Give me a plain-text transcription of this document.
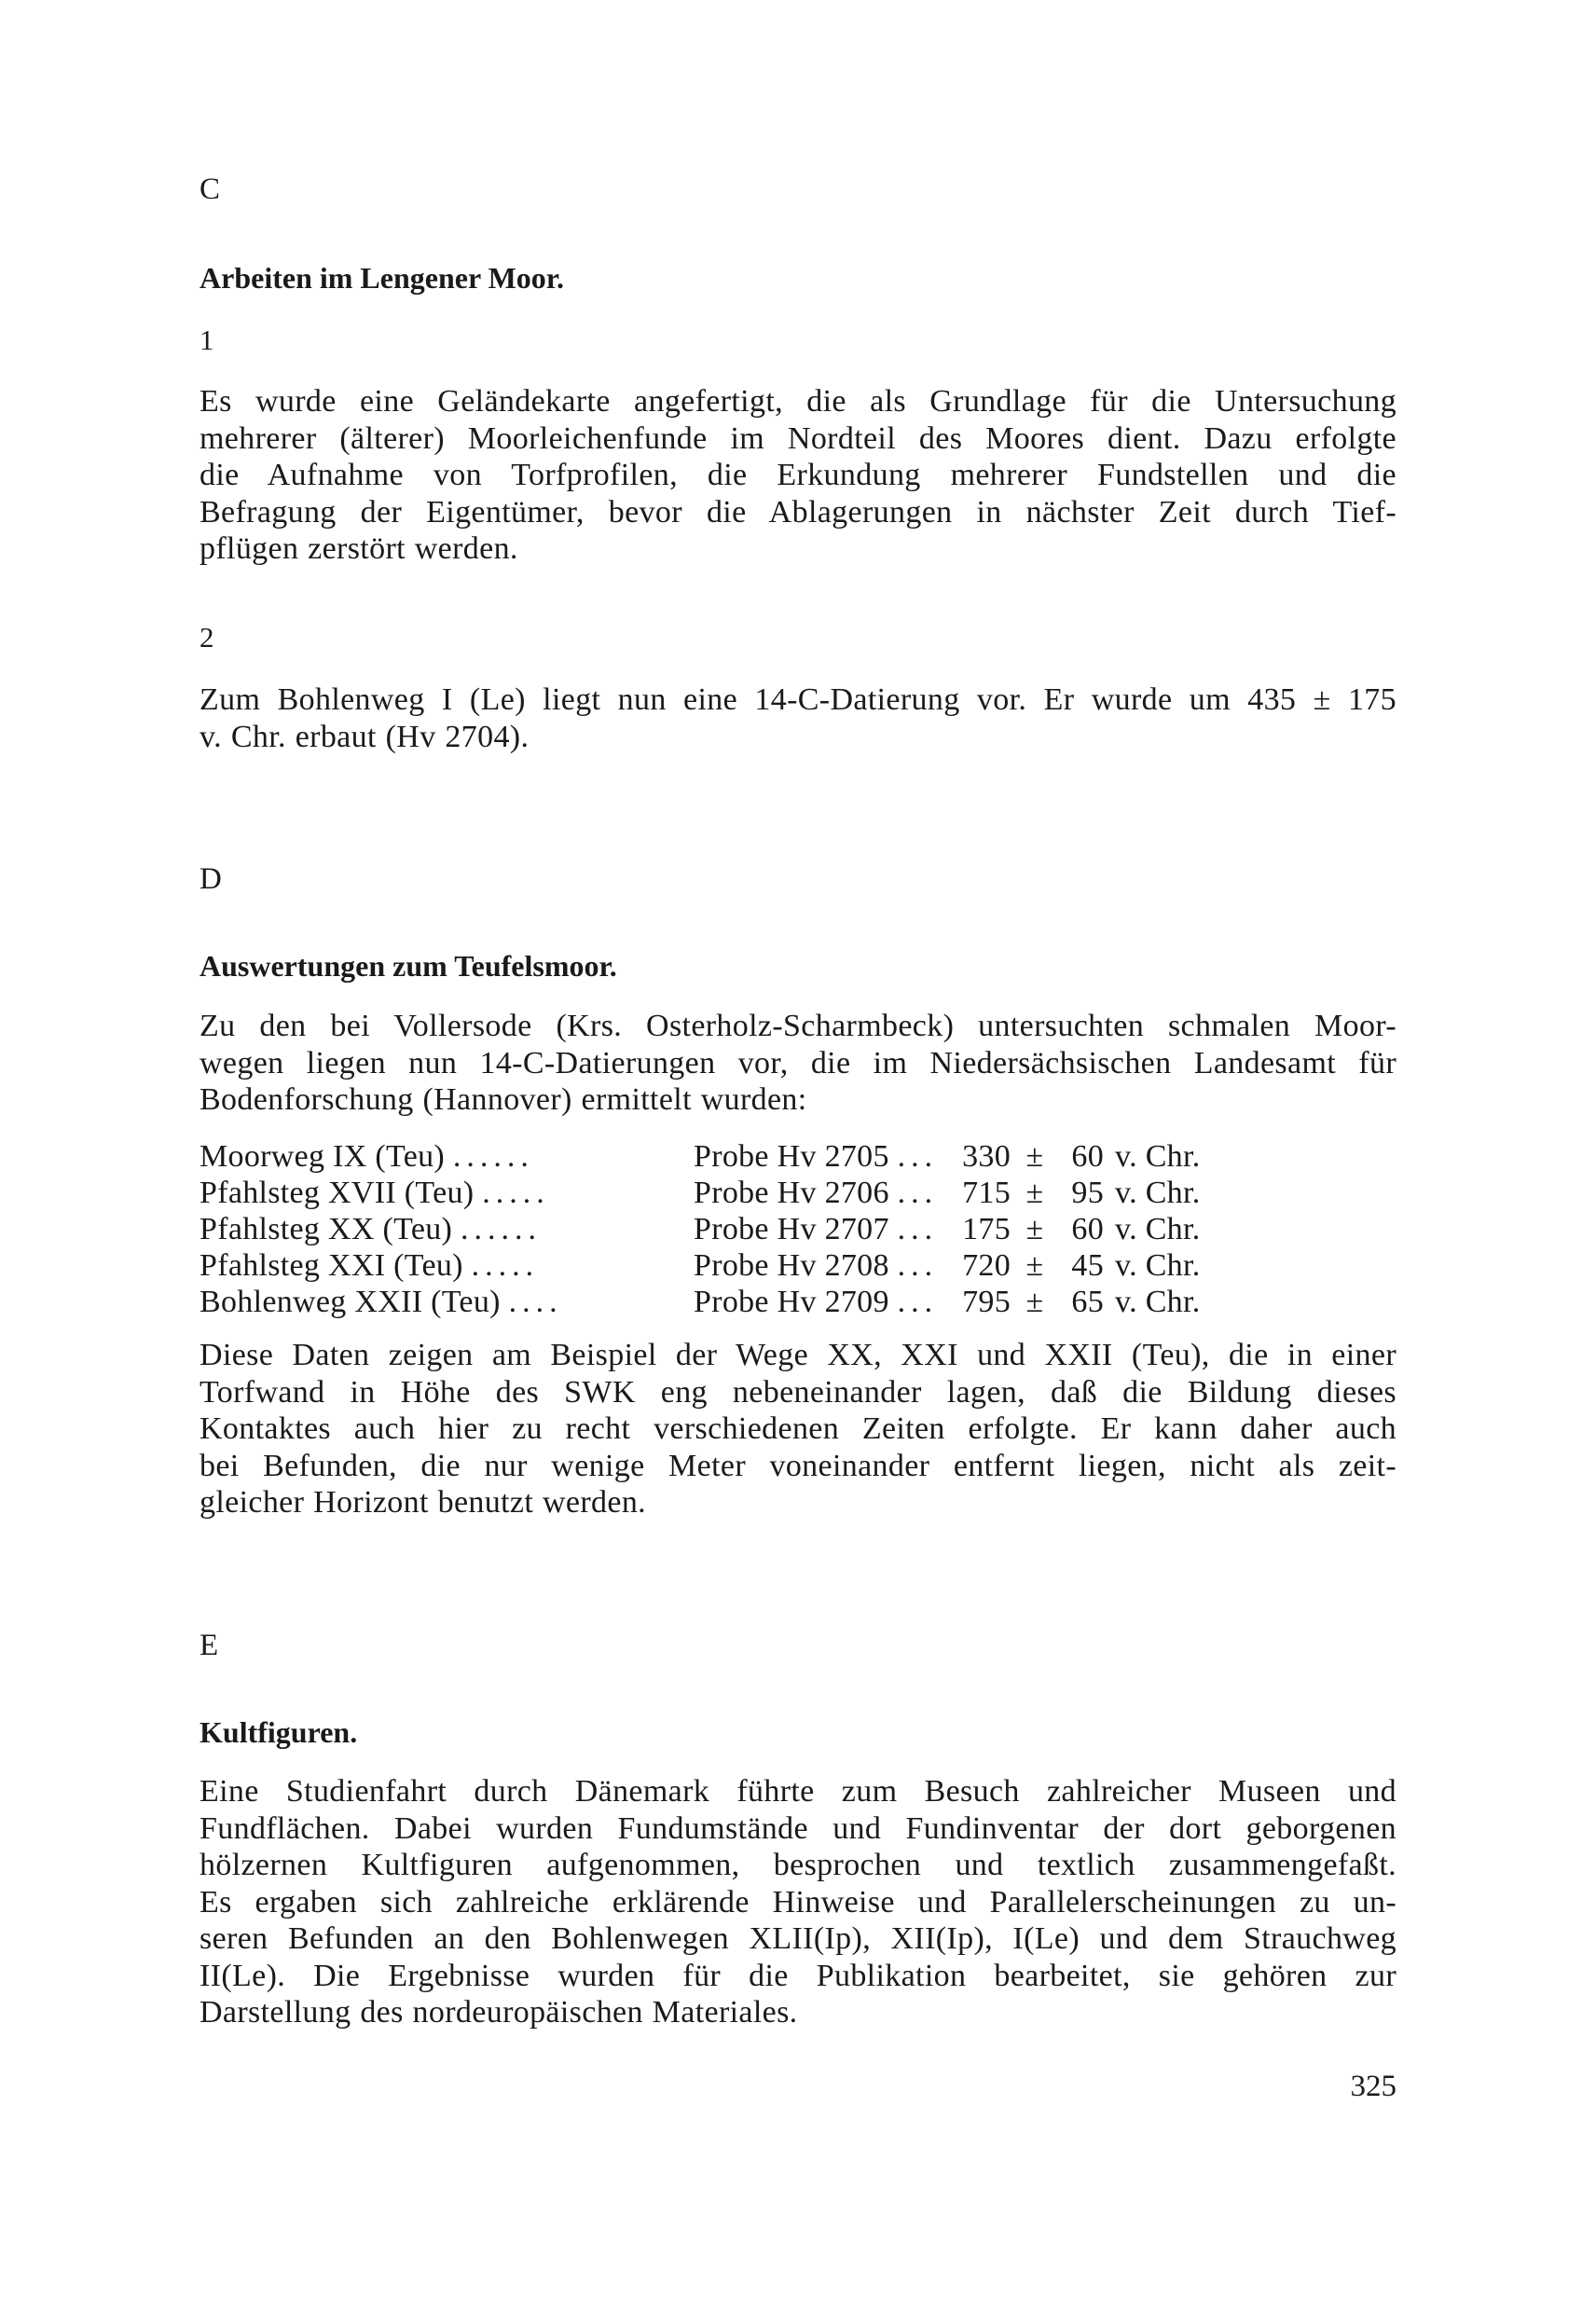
C
Arbeiten im Lengener Moor.
1
Es wurde eine Geländekarte angefertigt, die als Grundlage für die Untersuchung
mehrerer (älterer) Moorleichenfunde im Nordteil des Moores dient. Dazu erfolgte
die Aufnahme von Torfprofilen, die Erkundung mehrerer Fundstellen und die
Befragung der Eigentümer, bevor die Ablagerungen in nächster Zeit durch Tief-
pflügen zerstört werden.
2
Zum Bohlenweg I (Le) liegt nun eine 14-C-Datierung vor. Er wurde um 435 ± 175
v. Chr. erbaut (Hv 2704).
D
Auswertungen zum Teufelsmoor.
Zu den bei Vollersode (Krs. Osterholz-Scharmbeck) untersuchten schmalen Moor-
wegen liegen nun 14-C-Datierungen vor, die im Niedersächsischen Landesamt für
Bodenforschung (Hannover) ermittelt wurden:
Moorweg IX (Teu) ......	Probe Hv 2705 ... 330 ± 60 v. Chr.
Pfahlsteg XVII (Teu) .....	Probe Hv 2706 ... 715 ± 95 v. Chr.
Pfahlsteg XX (Teu) ......	Probe Hv 2707 ... 175 ± 60 v. Chr.
Pfahlsteg XXI (Teu) .....	Probe Hv 2708 ... 720 ± 45 v. Chr.
Bohlenweg XXII (Teu) ....	Probe Hv 2709 ... 795 ± 65 v. Chr.
Diese Daten zeigen am Beispiel der Wege XX, XXI und XXII (Teu), die in einer
Torfwand in Höhe des SWK eng nebeneinander lagen, daß die Bildung dieses
Kontaktes auch hier zu recht verschiedenen Zeiten erfolgte. Er kann daher auch
bei Befunden, die nur wenige Meter voneinander entfernt liegen, nicht als zeit-
gleicher Horizont benutzt werden.
E
Kultfiguren.
Eine Studienfahrt durch Dänemark führte zum Besuch zahlreicher Museen und
Fundflächen. Dabei wurden Fundumstände und Fundinventar der dort geborgenen
hölzernen Kultfiguren aufgenommen, besprochen und textlich zusammengefaßt.
Es ergaben sich zahlreiche erklärende Hinweise und Parallelerscheinungen zu un-
seren Befunden an den Bohlenwegen XLII(Ip), XII(Ip), I(Le) und dem Strauchweg
II(Le). Die Ergebnisse wurden für die Publikation bearbeitet, sie gehören zur
Darstellung des nordeuropäischen Materiales.
325
